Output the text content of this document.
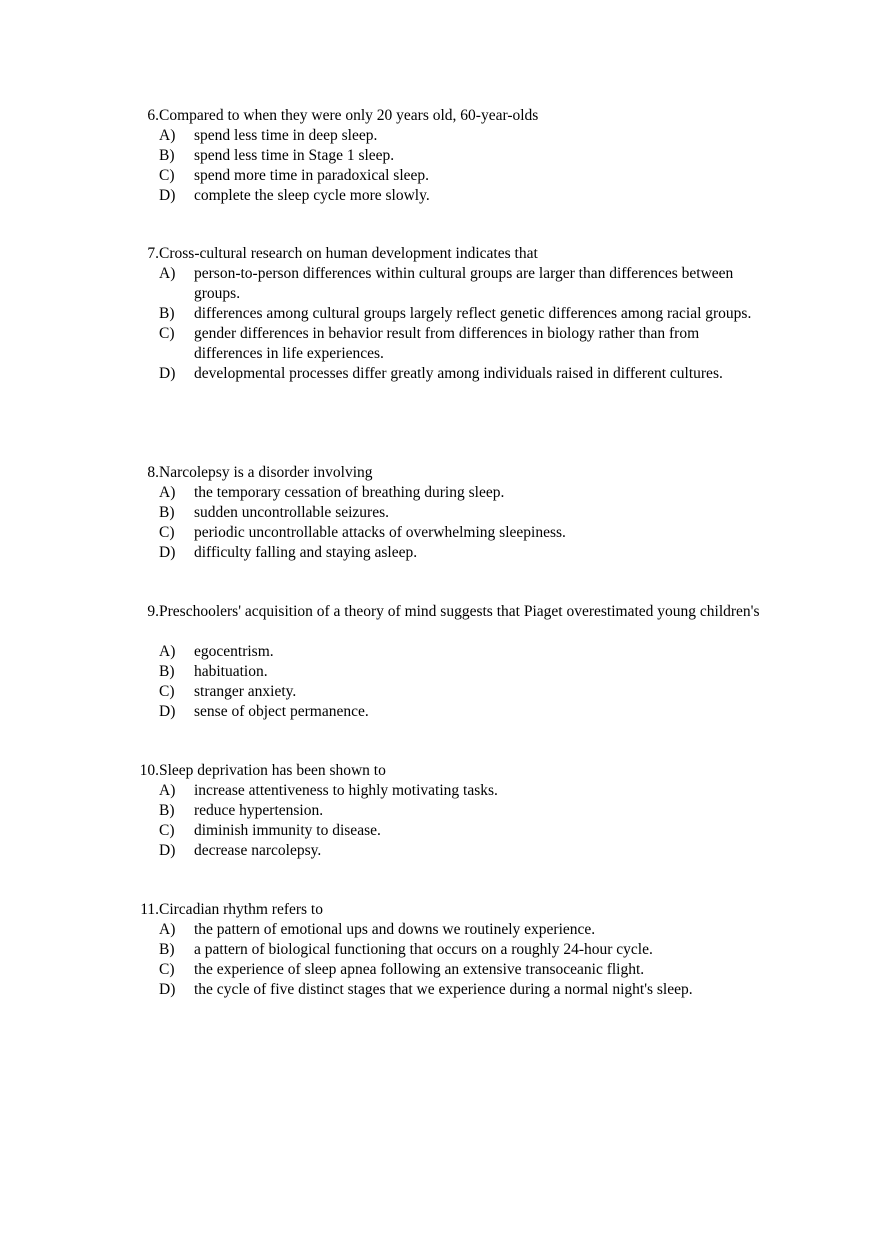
6. Compared to when they were only 20 years old, 60-year-olds
A) spend less time in deep sleep.
B) spend less time in Stage 1 sleep.
C) spend more time in paradoxical sleep.
D) complete the sleep cycle more slowly.
7. Cross-cultural research on human development indicates that
A) person-to-person differences within cultural groups are larger than differences between groups.
B) differences among cultural groups largely reflect genetic differences among racial groups.
C) gender differences in behavior result from differences in biology rather than from differences in life experiences.
D) developmental processes differ greatly among individuals raised in different cultures.
8. Narcolepsy is a disorder involving
A) the temporary cessation of breathing during sleep.
B) sudden uncontrollable seizures.
C) periodic uncontrollable attacks of overwhelming sleepiness.
D) difficulty falling and staying asleep.
9. Preschoolers' acquisition of a theory of mind suggests that Piaget overestimated young children's
A) egocentrism.
B) habituation.
C) stranger anxiety.
D) sense of object permanence.
10. Sleep deprivation has been shown to
A) increase attentiveness to highly motivating tasks.
B) reduce hypertension.
C) diminish immunity to disease.
D) decrease narcolepsy.
11. Circadian rhythm refers to
A) the pattern of emotional ups and downs we routinely experience.
B) a pattern of biological functioning that occurs on a roughly 24-hour cycle.
C) the experience of sleep apnea following an extensive transoceanic flight.
D) the cycle of five distinct stages that we experience during a normal night's sleep.
